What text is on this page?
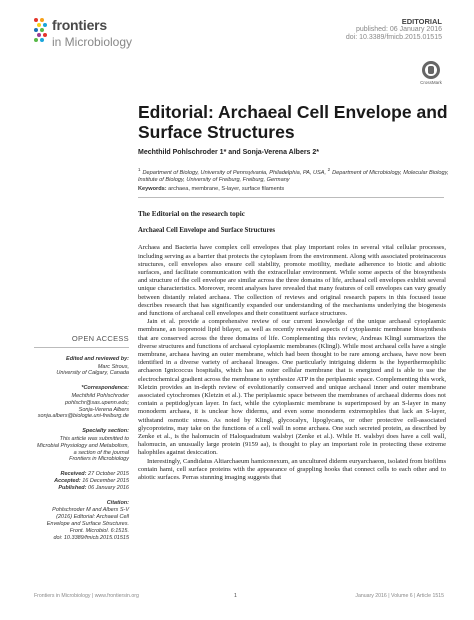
frontiers
in Microbiology
EDITORIAL
published: 06 January 2016
doi: 10.3389/fmicb.2015.01515
CrossMark
Editorial: Archaeal Cell Envelope and Surface Structures
Mechthild Pohlschroder 1* and Sonja-Verena Albers 2*
$^1$Department of Biology, University of Pennsylvania, Philadelphia, PA, USA, $^2$Department of Microbiology, Molecular Biology, Institute of Biology, University of Freiburg, Freiburg, Germany
Keywords: archaea, membrane, S-layer, surface filaments
OPEN ACCESS
Edited and reviewed by:
Marc Strous,
University of Calgary, Canada
*Correspondence:
Mechthild Pohlschroder
pohlschr@sas.upenn.edu;
Sonja-Verena Albers
sonja.albers@biologie.uni-freiburg.de
Specialty section:
This article was submitted to
Microbial Physiology and Metabolism,
a section of the journal
Frontiers in Microbiology
Received: 27 October 2015
Accepted: 16 December 2015
Published: 06 January 2016
Citation:
Pohlschroder M and Albers S-V
(2016) Editorial: Archaeal Cell
Envelope and Surface Structures.
Front. Microbiol. 6:1515.
doi: 10.3389/fmicb.2015.01515
The Editorial on the research topic
Archaeal Cell Envelope and Surface Structures

Archaea and Bacteria have complex cell envelopes that play important roles in several vital cellular processes, including serving as a barrier that protects the cytoplasm from the environment. Along with associated proteinaceous structures, cell envelopes also ensure cell stability, promote motility, mediate adherence to biotic and abiotic surfaces, and facilitate communication with the extracellular environment. While some aspects of the biosynthesis and structure of the cell envelope are similar across the three domains of life, archaeal cell envelopes exhibit several unique characteristics. Moreover, recent analyses have revealed that many features of cell envelopes can vary greatly between distantly related archaea. The collection of reviews and original research papers in this focused issue describes research that has significantly expanded our understanding of the mechanisms underlying the biogenesis and functions of archaeal cell envelopes and their constituent surface structures.

Jain et al. provide a comprehensive review of our current knowledge of the unique archaeal cytoplasmic membrane, an isoprenoid lipid bilayer, as well as recently revealed aspects of cytoplasmic membrane biosynthesis that are conserved across the three domains of life. Complementing this review, Andreas Klingl summarizes the diverse structures and functions of archaeal cytoplasmic membranes (Klingl). While most archaeal cells have a single membrane, archaea having an outer membrane, which had been thought to be rare among archaea, have now been identified in a diverse variety of archaeal lineages. One particularly intriguing diderm is the hyperthermophilic archaeon Ignicoccus hospitalis, which has an outer cellular membrane that is energized and is able to use the electrochemical gradient across the membrane to synthesize ATP in the periplasmic space. Complementing this work, Kletzin provides an in-depth review of evolutionarily conserved and unique archaeal inner and outer membrane associated cytochromes (Kletzin et al.). The periplasmic space between the membranes of archaeal diderms does not contain a peptidoglycan layer. In fact, while the cytoplasmic membrane is superimposed by an S-layer in many monoderm archaea, it is unclear how diderms, and even some monoderm extremophiles that lack an S-layer, withstand osmotic stress. As noted by Klingl, glycocalyx, lipoglycans, or other protective cell-associated glycoproteins, may take on the functions of a cell wall in some archaea. One such secreted protein, as described by Zenke et al., is the halomucin of Haloquadratum walsbyi (Zenke et al.). While H. walsbyi does have a cell wall, halomucin, an unusually large protein (9159 aa), is thought to play an important role in protecting these extreme halophiles against desiccation.

Interestingly, Candidatus Altiarchaeum hamiconexum, an uncultured diderm euryarchaeon, isolated from biofilms contain hami, cell surface proteins with the appearance of grappling hooks that connect cells to each other and to abiotic surfaces. Perras stunning imaging suggests that

Frontiers in Microbiology | www.frontiersin.org	1	January 2016 | Volume 6 | Article 1515
